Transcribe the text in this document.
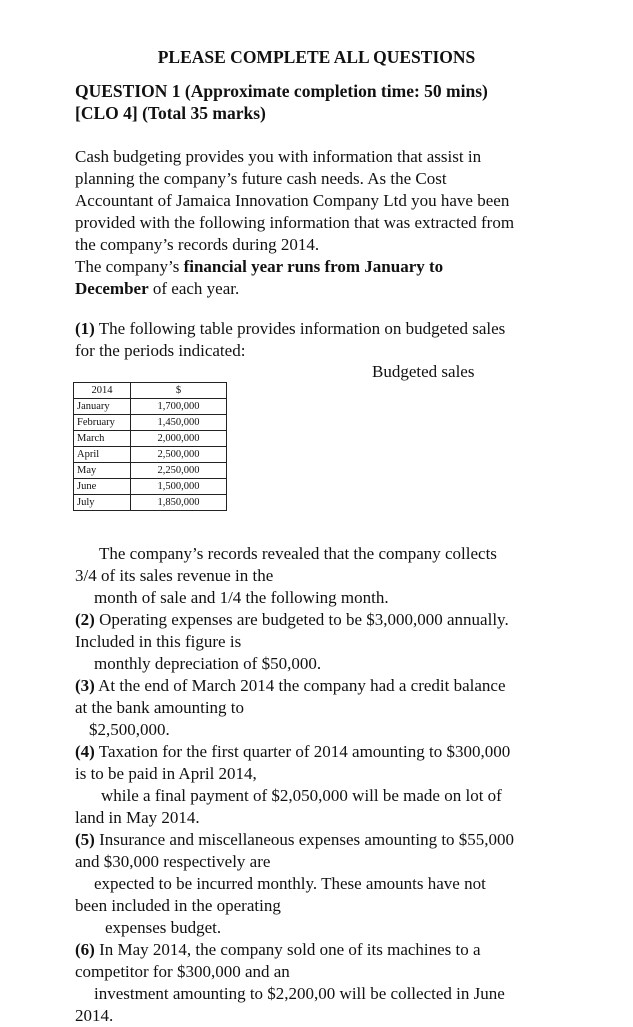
PLEASE COMPLETE ALL QUESTIONS
QUESTION 1 (Approximate completion time: 50 mins)
[CLO 4] (Total 35 marks)
Cash budgeting provides you with information that assist in
planning the company’s future cash needs. As the Cost
Accountant of Jamaica Innovation Company Ltd you have been
provided with the following information that was extracted from
the company’s records during 2014.
The company’s financial year runs from January to
December of each year.
(1) The following table provides information on budgeted sales
for the periods indicated:
Budgeted sales
2014	$
January	1,700,000
February	1,450,000
March	2,000,000
April	2,500,000
May	2,250,000
June	1,500,000
July	1,850,000
The company’s records revealed that the company collects
3/4 of its sales revenue in the
month of sale and 1/4 the following month.
(2) Operating expenses are budgeted to be $3,000,000 annually.
Included in this figure is
monthly depreciation of $50,000.
(3) At the end of March 2014 the company had a credit balance
at the bank amounting to
$2,500,000.
(4) Taxation for the first quarter of 2014 amounting to $300,000
is to be paid in April 2014,
while a final payment of $2,050,000 will be made on lot of
land in May 2014.
(5) Insurance and miscellaneous expenses amounting to $55,000
and $30,000 respectively are
expected to be incurred monthly. These amounts have not
been included in the operating
expenses budget.
(6) In May 2014, the company sold one of its machines to a
competitor for $300,000 and an
investment amounting to $2,200,00 will be collected in June
2014.
